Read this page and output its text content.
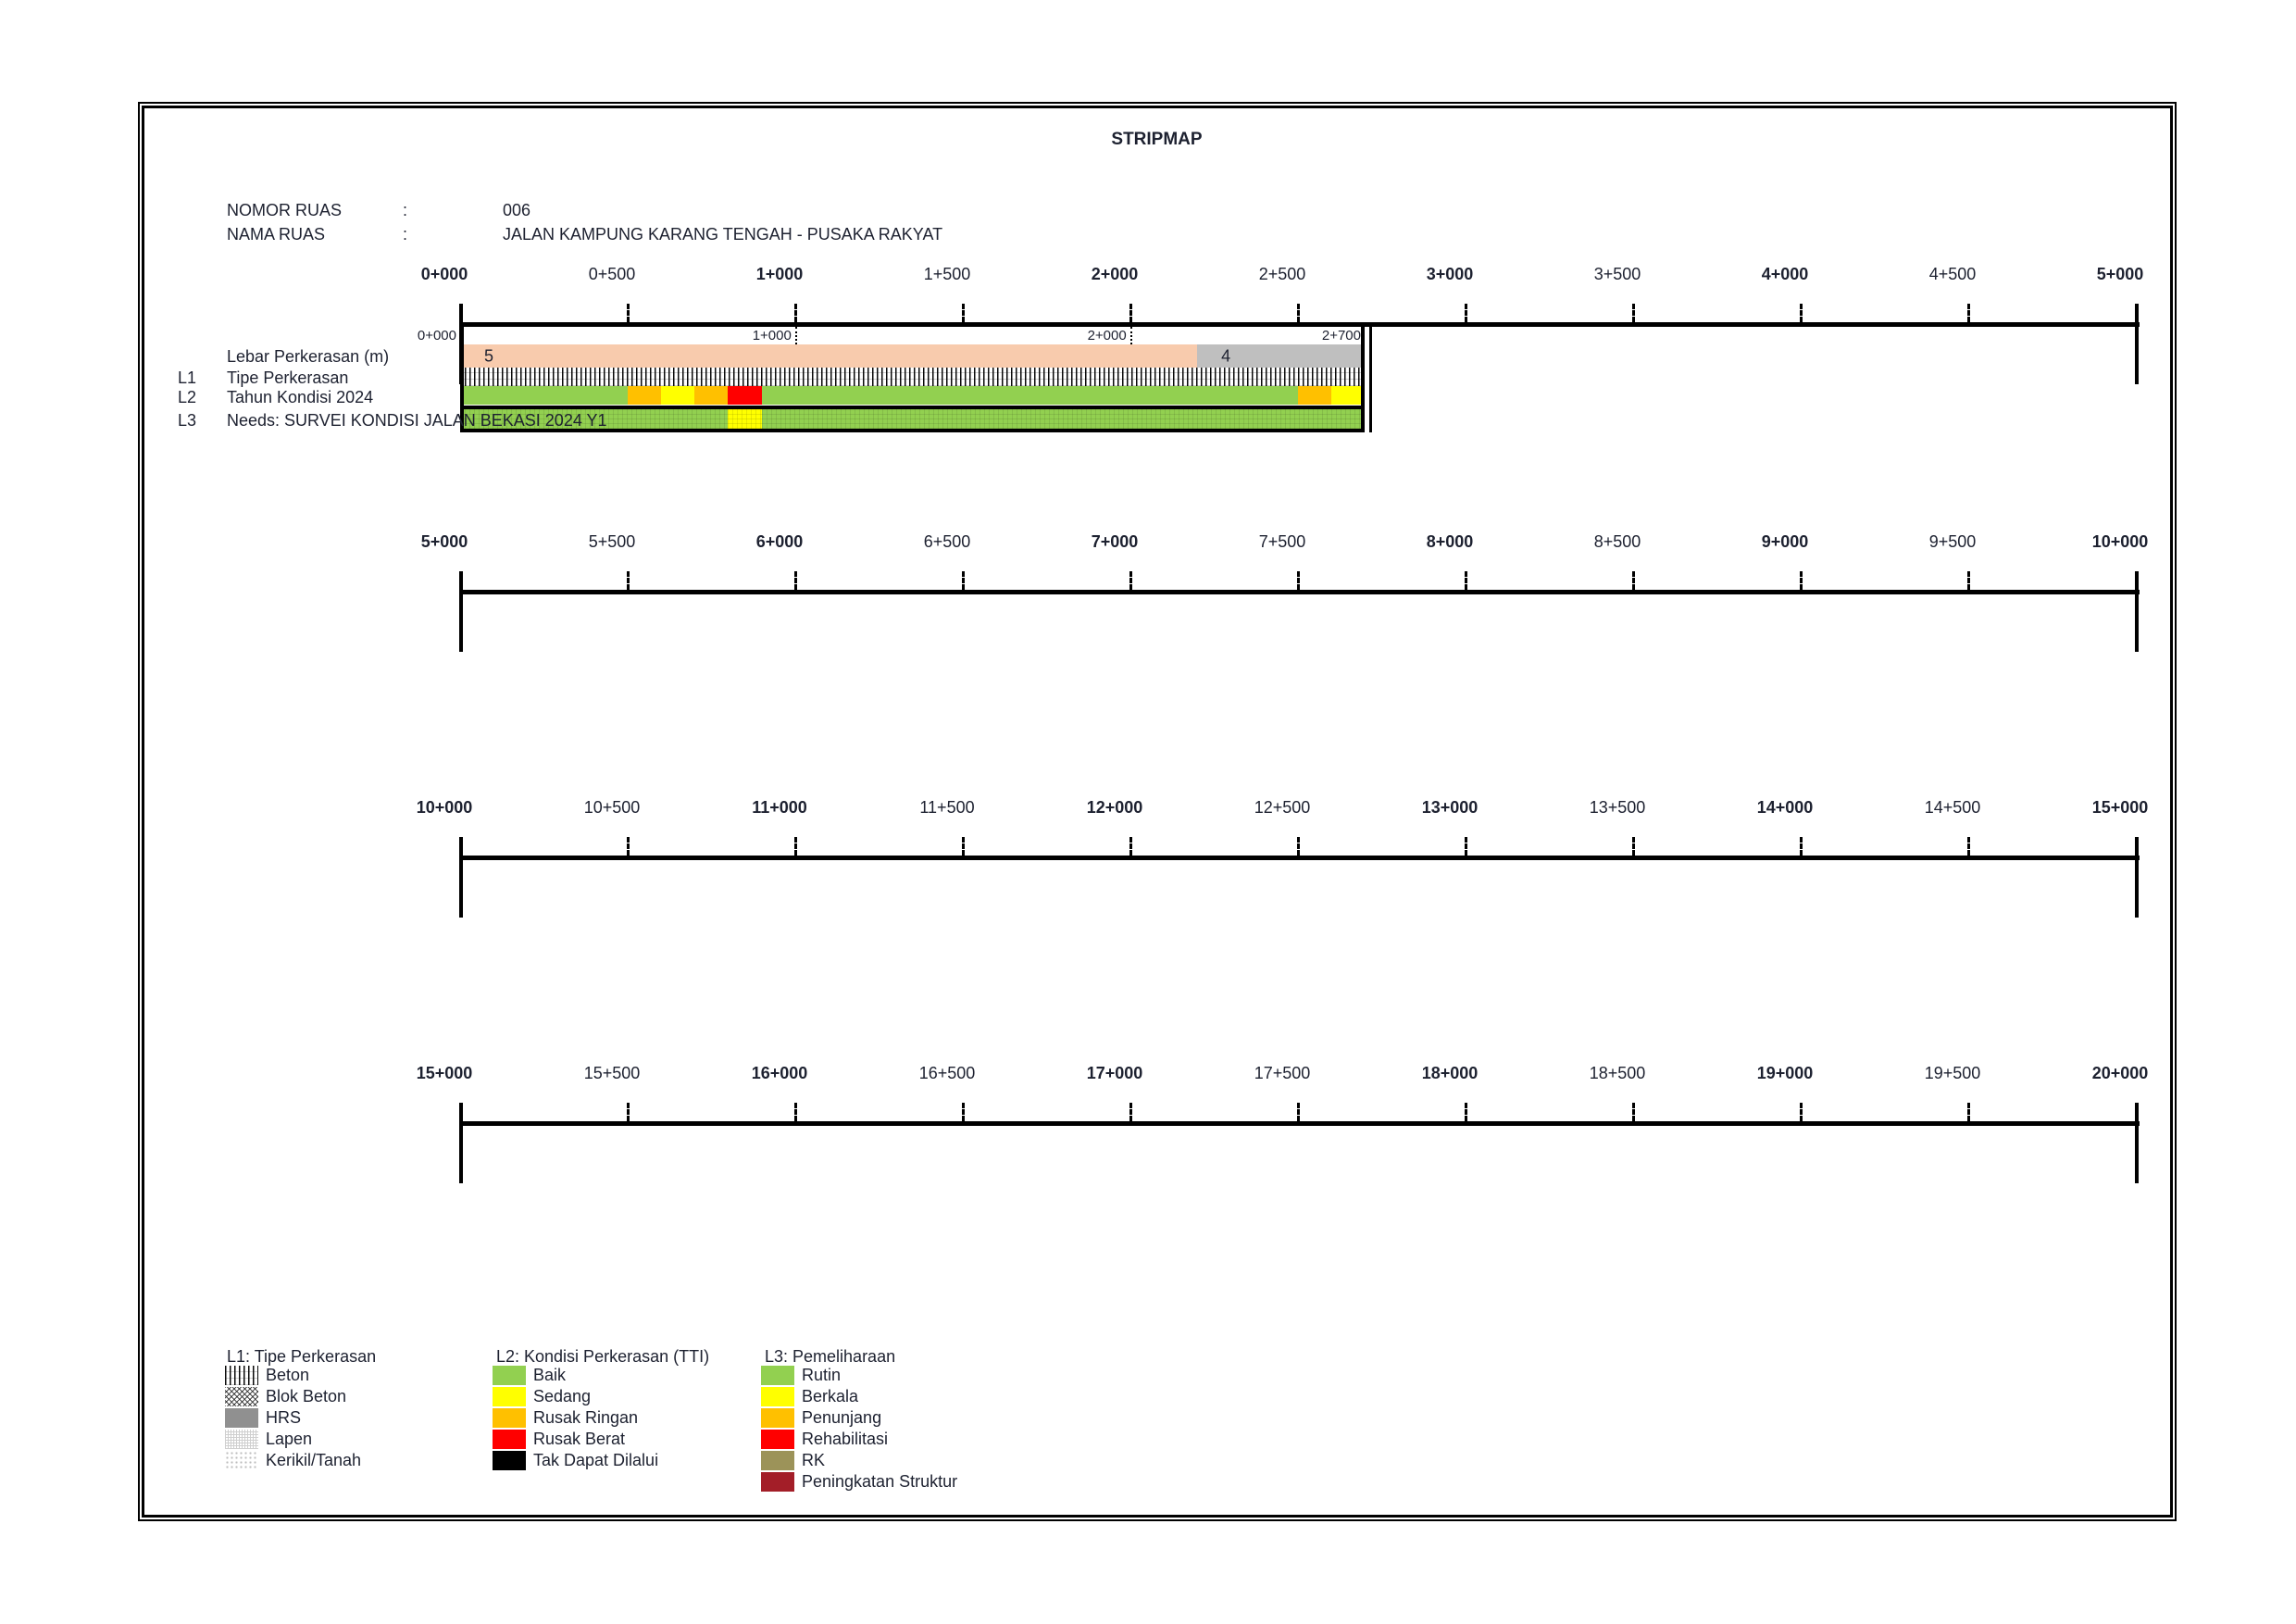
STRIPMAP
NOMOR RUAS	:	006
NAMA RUAS	:	JALAN KAMPUNG KARANG TENGAH - PUSAKA RAKYAT
0+000	0+500	1+000	1+500	2+000	2+500	3+000	3+500	4+000	4+500	5+000
5+000	5+500	6+000	6+500	7+000	7+500	8+000	8+500	9+000	9+500	10+000
10+000	10+500	11+000	11+500	12+000	12+500	13+000	13+500	14+000	14+500	15+000
15+000	15+500	16+000	16+500	17+000	17+500	18+000	18+500	19+000	19+500	20+000
Lebar Perkerasan (m)
L1 Tipe Perkerasan
L2 Tahun Kondisi 2024
L3 Needs: SURVEI KONDISI JALAN BEKASI 2024 Y1
5	4
0+000	1+000	2+000	2+700
L1: Tipe Perkerasan	L2: Kondisi Perkerasan (TTI)	L3: Pemeliharaan
Beton
Blok Beton
HRS
Lapen
Kerikil/Tanah
Baik
Sedang
Rusak Ringan
Rusak Berat
Tak Dapat Dilalui
Rutin
Berkala
Penunjang
Rehabilitasi
RK
Peningkatan Struktur
